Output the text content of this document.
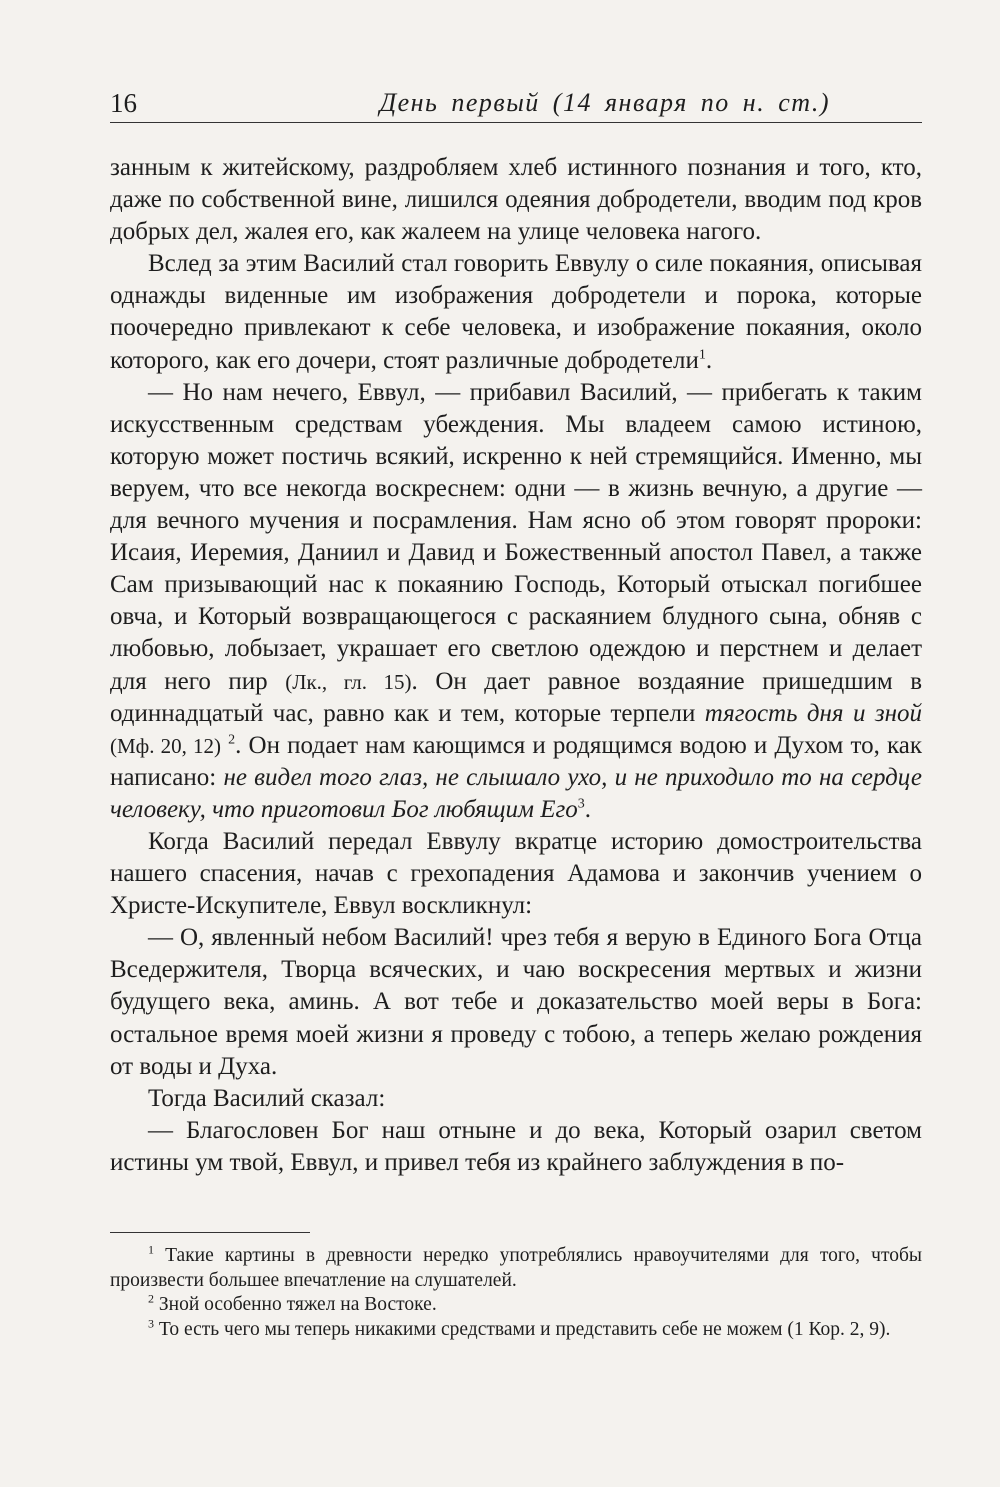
16	День первый (14 января по н. ст.)

занным к житейскому, раздробляем хлеб истинного познания и того, кто, даже по собственной вине, лишился одеяния добродетели, вводим под кров добрых дел, жалея его, как жалеем на улице человека нагого.

Вслед за этим Василий стал говорить Еввулу о силе покаяния, описывая однажды виденные им изображения добродетели и порока, которые поочередно привлекают к себе человека, и изображение покаяния, около которого, как его дочери, стоят различные добродетели$^1$.

— Но нам нечего, Еввул, — прибавил Василий, — прибегать к таким искусственным средствам убеждения. Мы владеем самою истиною, которую может постичь всякий, искренно к ней стремящийся. Именно, мы веруем, что все некогда воскреснем: одни — в жизнь вечную, а другие — для вечного мучения и посрамления. Нам ясно об этом говорят пророки: Исаия, Иеремия, Даниил и Давид и Божественный апостол Павел, а также Сам призывающий нас к покаянию Господь, Который отыскал погибшее овча, и Который возвращающегося с раскаянием блудного сына, обняв с любовью, лобызает, украшает его светлою одеждою и перстнем и делает для него пир (Лк., гл. 15). Он дает равное воздаяние пришедшим в одиннадцатый час, равно как и тем, которые терпели тягость дня и зной (Мф. 20, 12) $^2$. Он подает нам кающимся и родящимся водою и Духом то, как написано: не видел того глаз, не слышало ухо, и не приходило то на сердце человеку, что приготовил Бог любящим Его$^3$.

Когда Василий передал Еввулу вкратце историю домостроительства нашего спасения, начав с грехопадения Адамова и закончив учением о Христе-Искупителе, Еввул воскликнул:

— О, явленный небом Василий! чрез тебя я верую в Единого Бога Отца Вседержителя, Творца всяческих, и чаю воскресения мертвых и жизни будущего века, аминь. А вот тебе и доказательство моей веры в Бога: остальное время моей жизни я проведу с тобою, а теперь желаю рождения от воды и Духа.

Тогда Василий сказал:

— Благословен Бог наш отныне и до века, Который озарил светом истины ум твой, Еввул, и привел тебя из крайнего заблуждения в по-

$^1$ Такие картины в древности нередко употреблялись нравоучителями для того, чтобы произвести большее впечатление на слушателей.

$^2$ Зной особенно тяжел на Востоке.

$^3$ То есть чего мы теперь никакими средствами и представить себе не можем (1 Кор. 2, 9).
